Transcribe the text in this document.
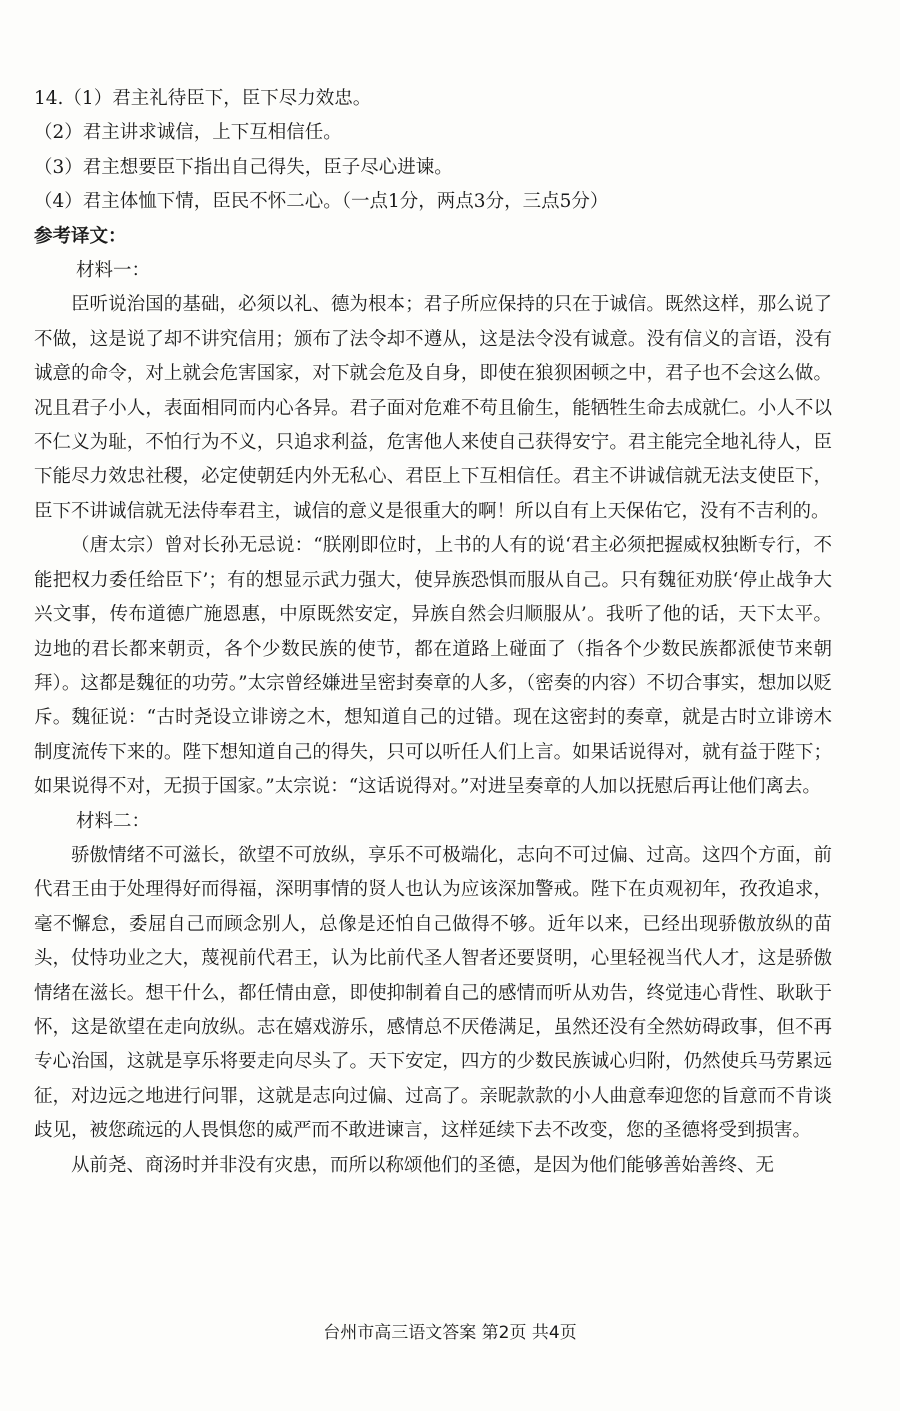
14.（1）君主礼待臣下，臣下尽力效忠。

（2）君主讲求诚信，上下互相信任。

（3）君主想要臣下指出自己得失，臣子尽心进谏。

（4）君主体恤下情，臣民不怀二心。（一点1分，两点3分，三点5分）

参考译文：

材料一：

臣听说治国的基础，必须以礼、德为根本；君子所应保持的只在于诚信。既然这样，那么说了不做，这是说了却不讲究信用；颁布了法令却不遵从，这是法令没有诚意。没有信义的言语，没有诚意的命令，对上就会危害国家，对下就会危及自身，即使在狼狈困顿之中，君子也不会这么做。况且君子小人，表面相同而内心各异。君子面对危难不苟且偷生，能牺牲生命去成就仁。小人不以不仁义为耻，不怕行为不义，只追求利益，危害他人来使自己获得安宁。君主能完全地礼待人，臣下能尽力效忠社稷，必定使朝廷内外无私心、君臣上下互相信任。君主不讲诚信就无法支使臣下，臣下不讲诚信就无法侍奉君主，诚信的意义是很重大的啊！所以自有上天保佑它，没有不吉利的。

（唐太宗）曾对长孙无忌说：“朕刚即位时，上书的人有的说‘君主必须把握威权独断专行，不能把权力委任给臣下’；有的想显示武力强大，使异族恐惧而服从自己。只有魏征劝朕‘停止战争大兴文事，传布道德广施恩惠，中原既然安定，异族自然会归顺服从’。我听了他的话，天下太平。边地的君长都来朝贡，各个少数民族的使节，都在道路上碰面了（指各个少数民族都派使节来朝拜）。这都是魏征的功劳。”太宗曾经嫌进呈密封奏章的人多，（密奏的内容）不切合事实，想加以贬斥。魏征说：“古时尧设立诽谤之木，想知道自己的过错。现在这密封的奏章，就是古时立诽谤木制度流传下来的。陛下想知道自己的得失，只可以听任人们上言。如果话说得对，就有益于陛下；如果说得不对，无损于国家。”太宗说：“这话说得对。”对进呈奏章的人加以抚慰后再让他们离去。

材料二：

骄傲情绪不可滋长，欲望不可放纵，享乐不可极端化，志向不可过偏、过高。这四个方面，前代君王由于处理得好而得福，深明事情的贤人也认为应该深加警戒。陛下在贞观初年，孜孜追求，毫不懈怠，委屈自己而顾念别人，总像是还怕自己做得不够。近年以来，已经出现骄傲放纵的苗头，仗恃功业之大，蔑视前代君王，认为比前代圣人智者还要贤明，心里轻视当代人才，这是骄傲情绪在滋长。想干什么，都任情由意，即使抑制着自己的感情而听从劝告，终觉违心背性、耿耿于怀，这是欲望在走向放纵。志在嬉戏游乐，感情总不厌倦满足，虽然还没有全然妨碍政事，但不再专心治国，这就是享乐将要走向尽头了。天下安定，四方的少数民族诚心归附，仍然使兵马劳累远征，对边远之地进行问罪，这就是志向过偏、过高了。亲昵款款的小人曲意奉迎您的旨意而不肯谈歧见，被您疏远的人畏惧您的威严而不敢进谏言，这样延续下去不改变，您的圣德将受到损害。

从前尧、商汤时并非没有灾患，而所以称颂他们的圣德，是因为他们能够善始善终、无

台州市高三语文答案 第2页 共4页
